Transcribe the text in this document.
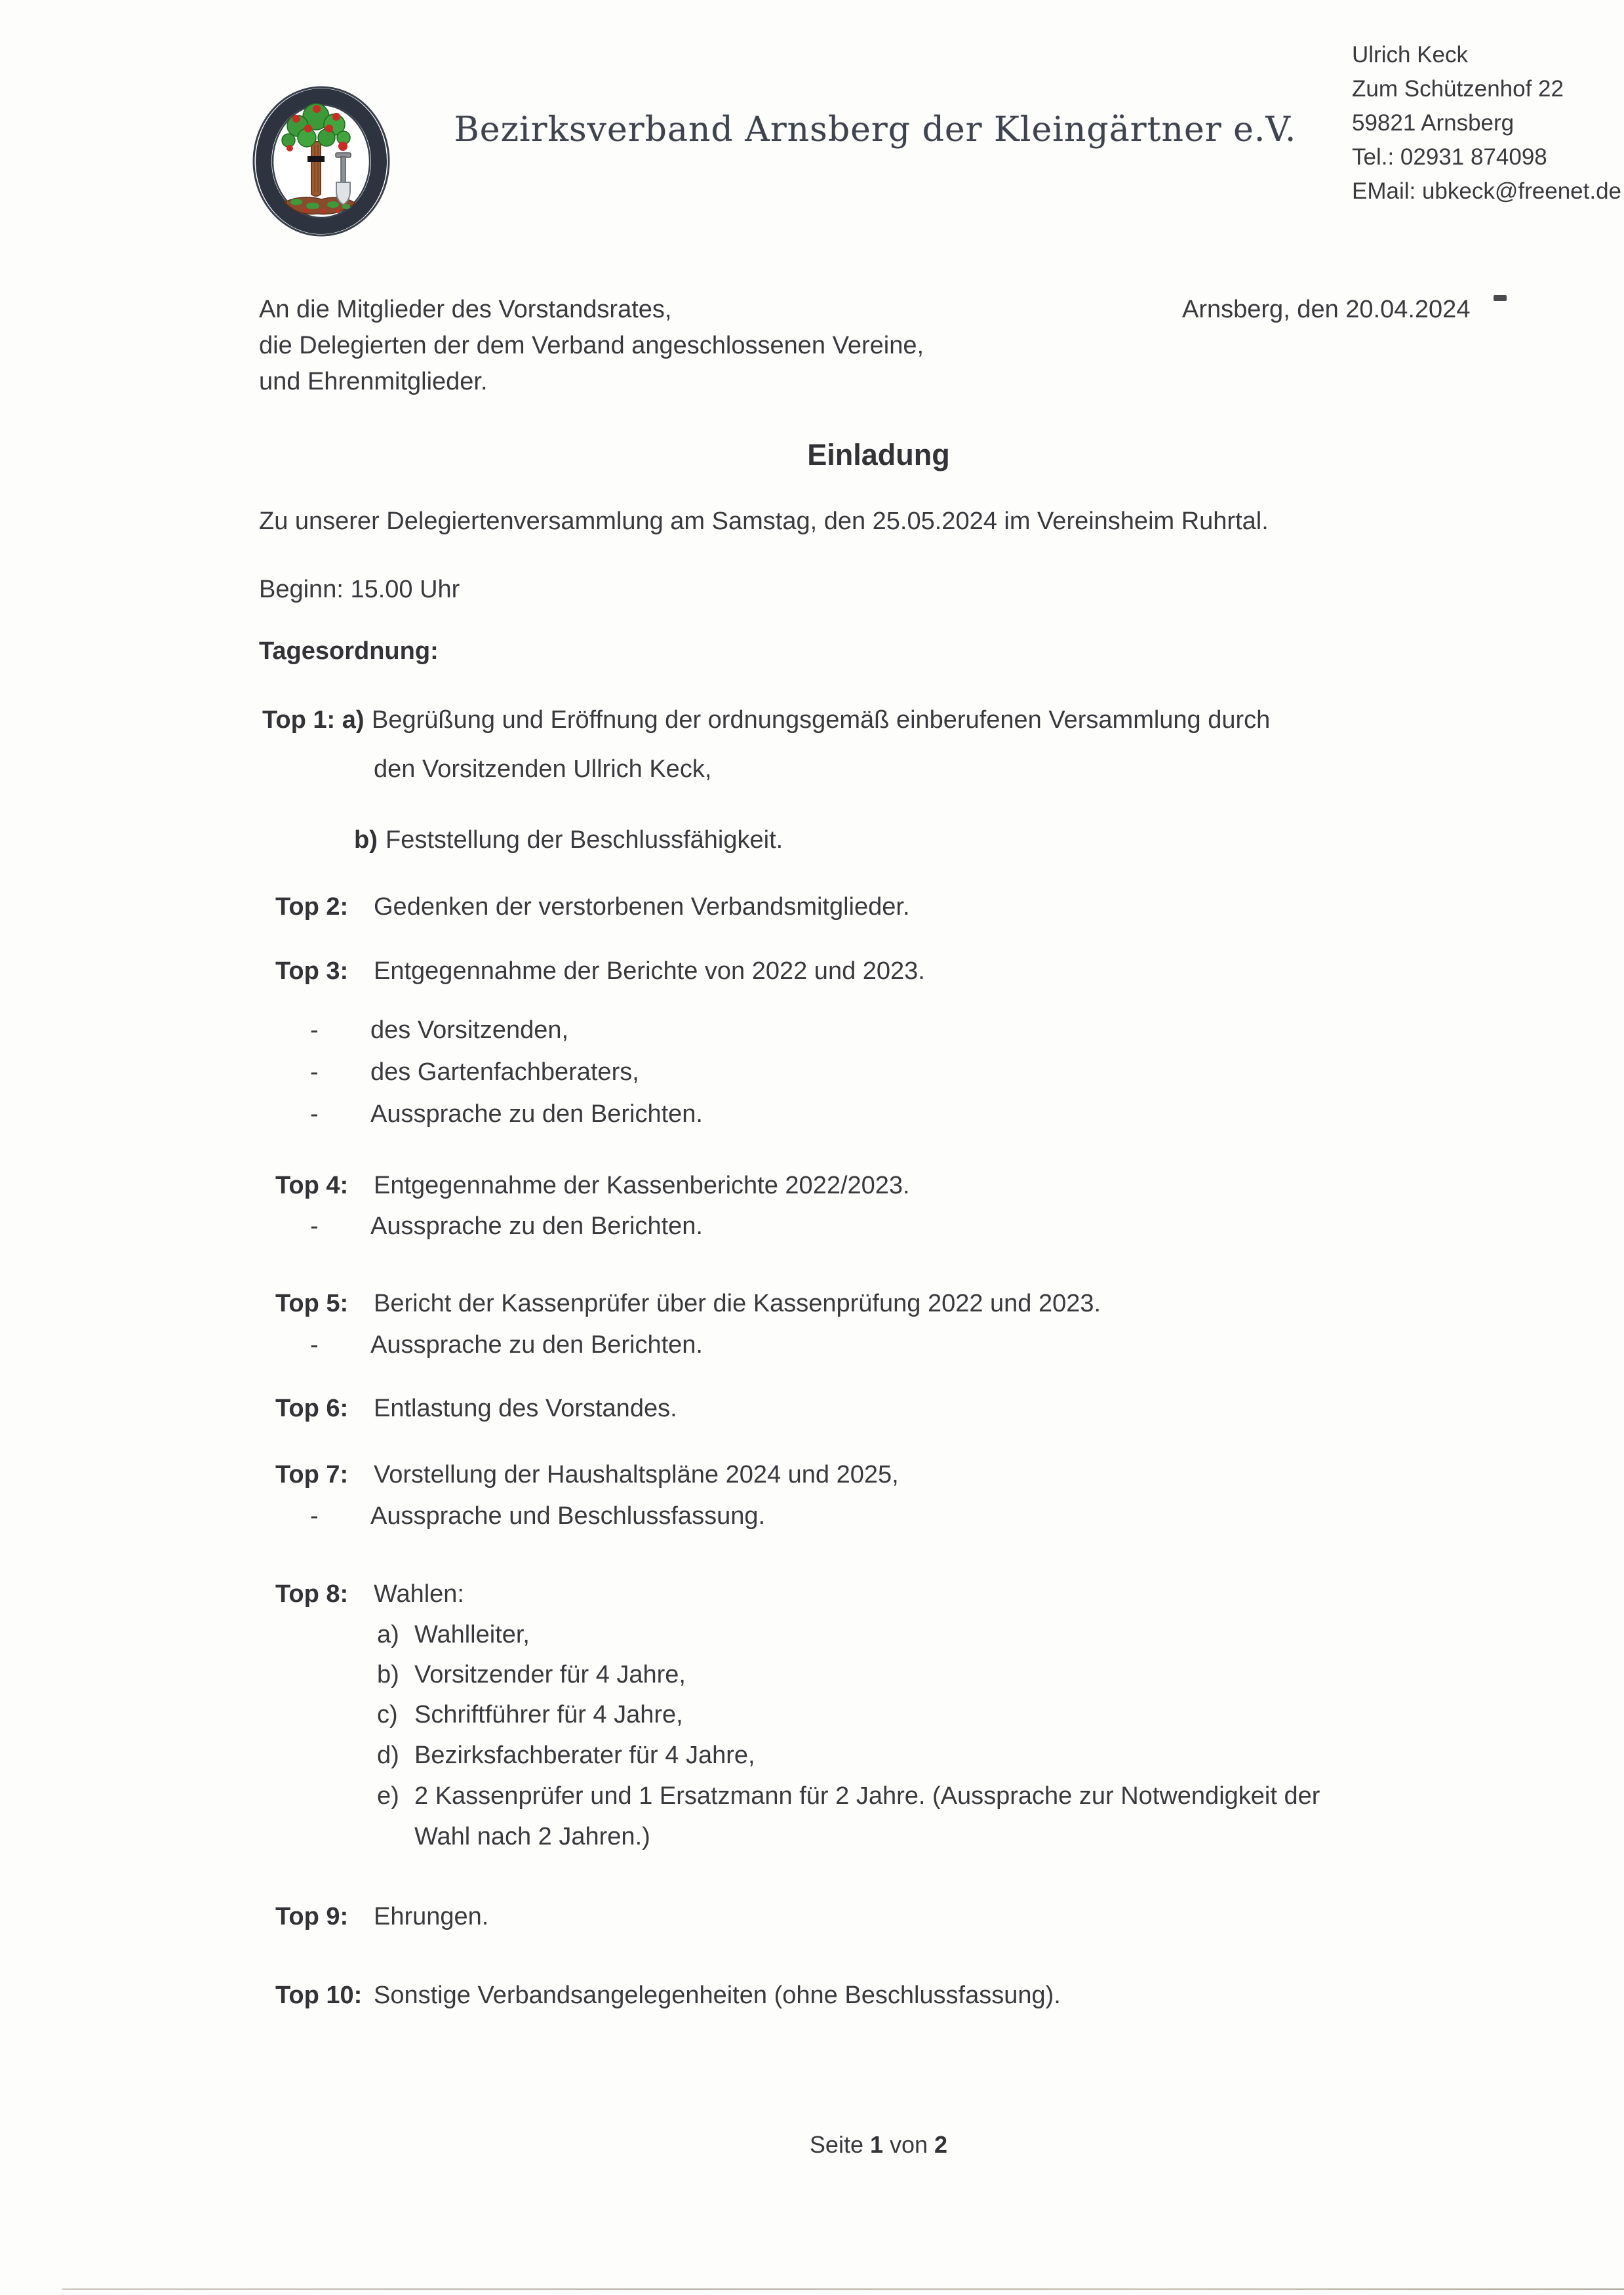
Bezirksverband Arnsberg der Kleingärtner e.V.
Ulrich Keck
Zum Schützenhof 22
59821 Arnsberg
Tel.: 02931 874098
EMail: ubkeck@freenet.de
An die Mitglieder des Vorstandsrates,
die Delegierten der dem Verband angeschlossenen Vereine,
und Ehrenmitglieder.
Arnsberg, den 20.04.2024
Einladung
Zu unserer Delegiertenversammlung am Samstag, den 25.05.2024 im Vereinsheim Ruhrtal.
Beginn: 15.00 Uhr
Tagesordnung:
Top 1: a) Begrüßung und Eröffnung der ordnungsgemäß einberufenen Versammlung durch
den Vorsitzenden Ullrich Keck,
b) Feststellung der Beschlussfähigkeit.
Top 2: Gedenken der verstorbenen Verbandsmitglieder.
Top 3: Entgegennahme der Berichte von 2022 und 2023.
- des Vorsitzenden,
- des Gartenfachberaters,
- Aussprache zu den Berichten.
Top 4: Entgegennahme der Kassenberichte 2022/2023.
- Aussprache zu den Berichten.
Top 5: Bericht der Kassenprüfer über die Kassenprüfung 2022 und 2023.
- Aussprache zu den Berichten.
Top 6: Entlastung des Vorstandes.
Top 7: Vorstellung der Haushaltspläne 2024 und 2025,
- Aussprache und Beschlussfassung.
Top 8: Wahlen:
a) Wahlleiter,
b) Vorsitzender für 4 Jahre,
c) Schriftführer für 4 Jahre,
d) Bezirksfachberater für 4 Jahre,
e) 2 Kassenprüfer und 1 Ersatzmann für 2 Jahre. (Aussprache zur Notwendigkeit der
Wahl nach 2 Jahren.)
Top 9: Ehrungen.
Top 10: Sonstige Verbandsangelegenheiten (ohne Beschlussfassung).
Seite 1 von 2
